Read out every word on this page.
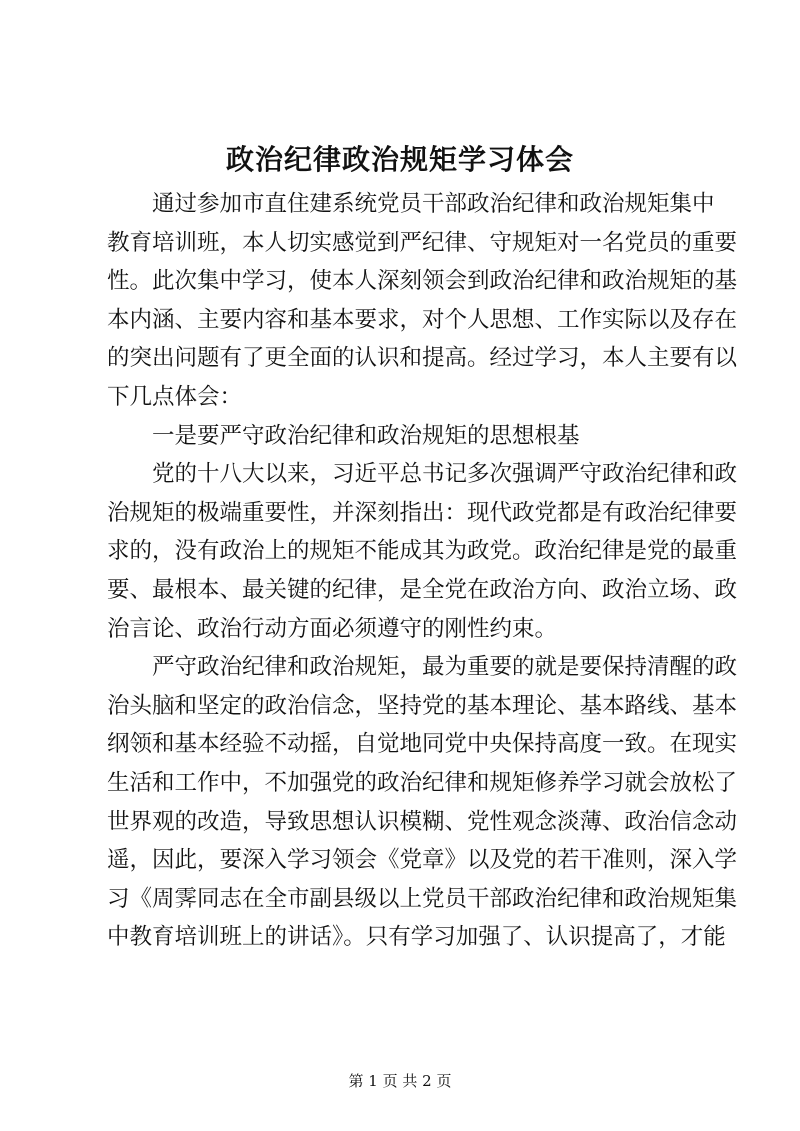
政治纪律政治规矩学习体会
通过参加市直住建系统党员干部政治纪律和政治规矩集中
教育培训班，本人切实感觉到严纪律、守规矩对一名党员的重要
性。此次集中学习，使本人深刻领会到政治纪律和政治规矩的基
本内涵、主要内容和基本要求，对个人思想、工作实际以及存在
的突出问题有了更全面的认识和提高。经过学习，本人主要有以
下几点体会：
一是要严守政治纪律和政治规矩的思想根基
党的十八大以来，习近平总书记多次强调严守政治纪律和政
治规矩的极端重要性，并深刻指出：现代政党都是有政治纪律要
求的，没有政治上的规矩不能成其为政党。政治纪律是党的最重
要、最根本、最关键的纪律，是全党在政治方向、政治立场、政
治言论、政治行动方面必须遵守的刚性约束。
严守政治纪律和政治规矩，最为重要的就是要保持清醒的政
治头脑和坚定的政治信念，坚持党的基本理论、基本路线、基本
纲领和基本经验不动摇，自觉地同党中央保持高度一致。在现实
生活和工作中，不加强党的政治纪律和规矩修养学习就会放松了
世界观的改造，导致思想认识模糊、党性观念淡薄、政治信念动
遥，因此，要深入学习领会《党章》以及党的若干准则，深入学
习《周霁同志在全市副县级以上党员干部政治纪律和政治规矩集
中教育培训班上的讲话》。只有学习加强了、认识提高了，才能
第 1 页 共 2 页
